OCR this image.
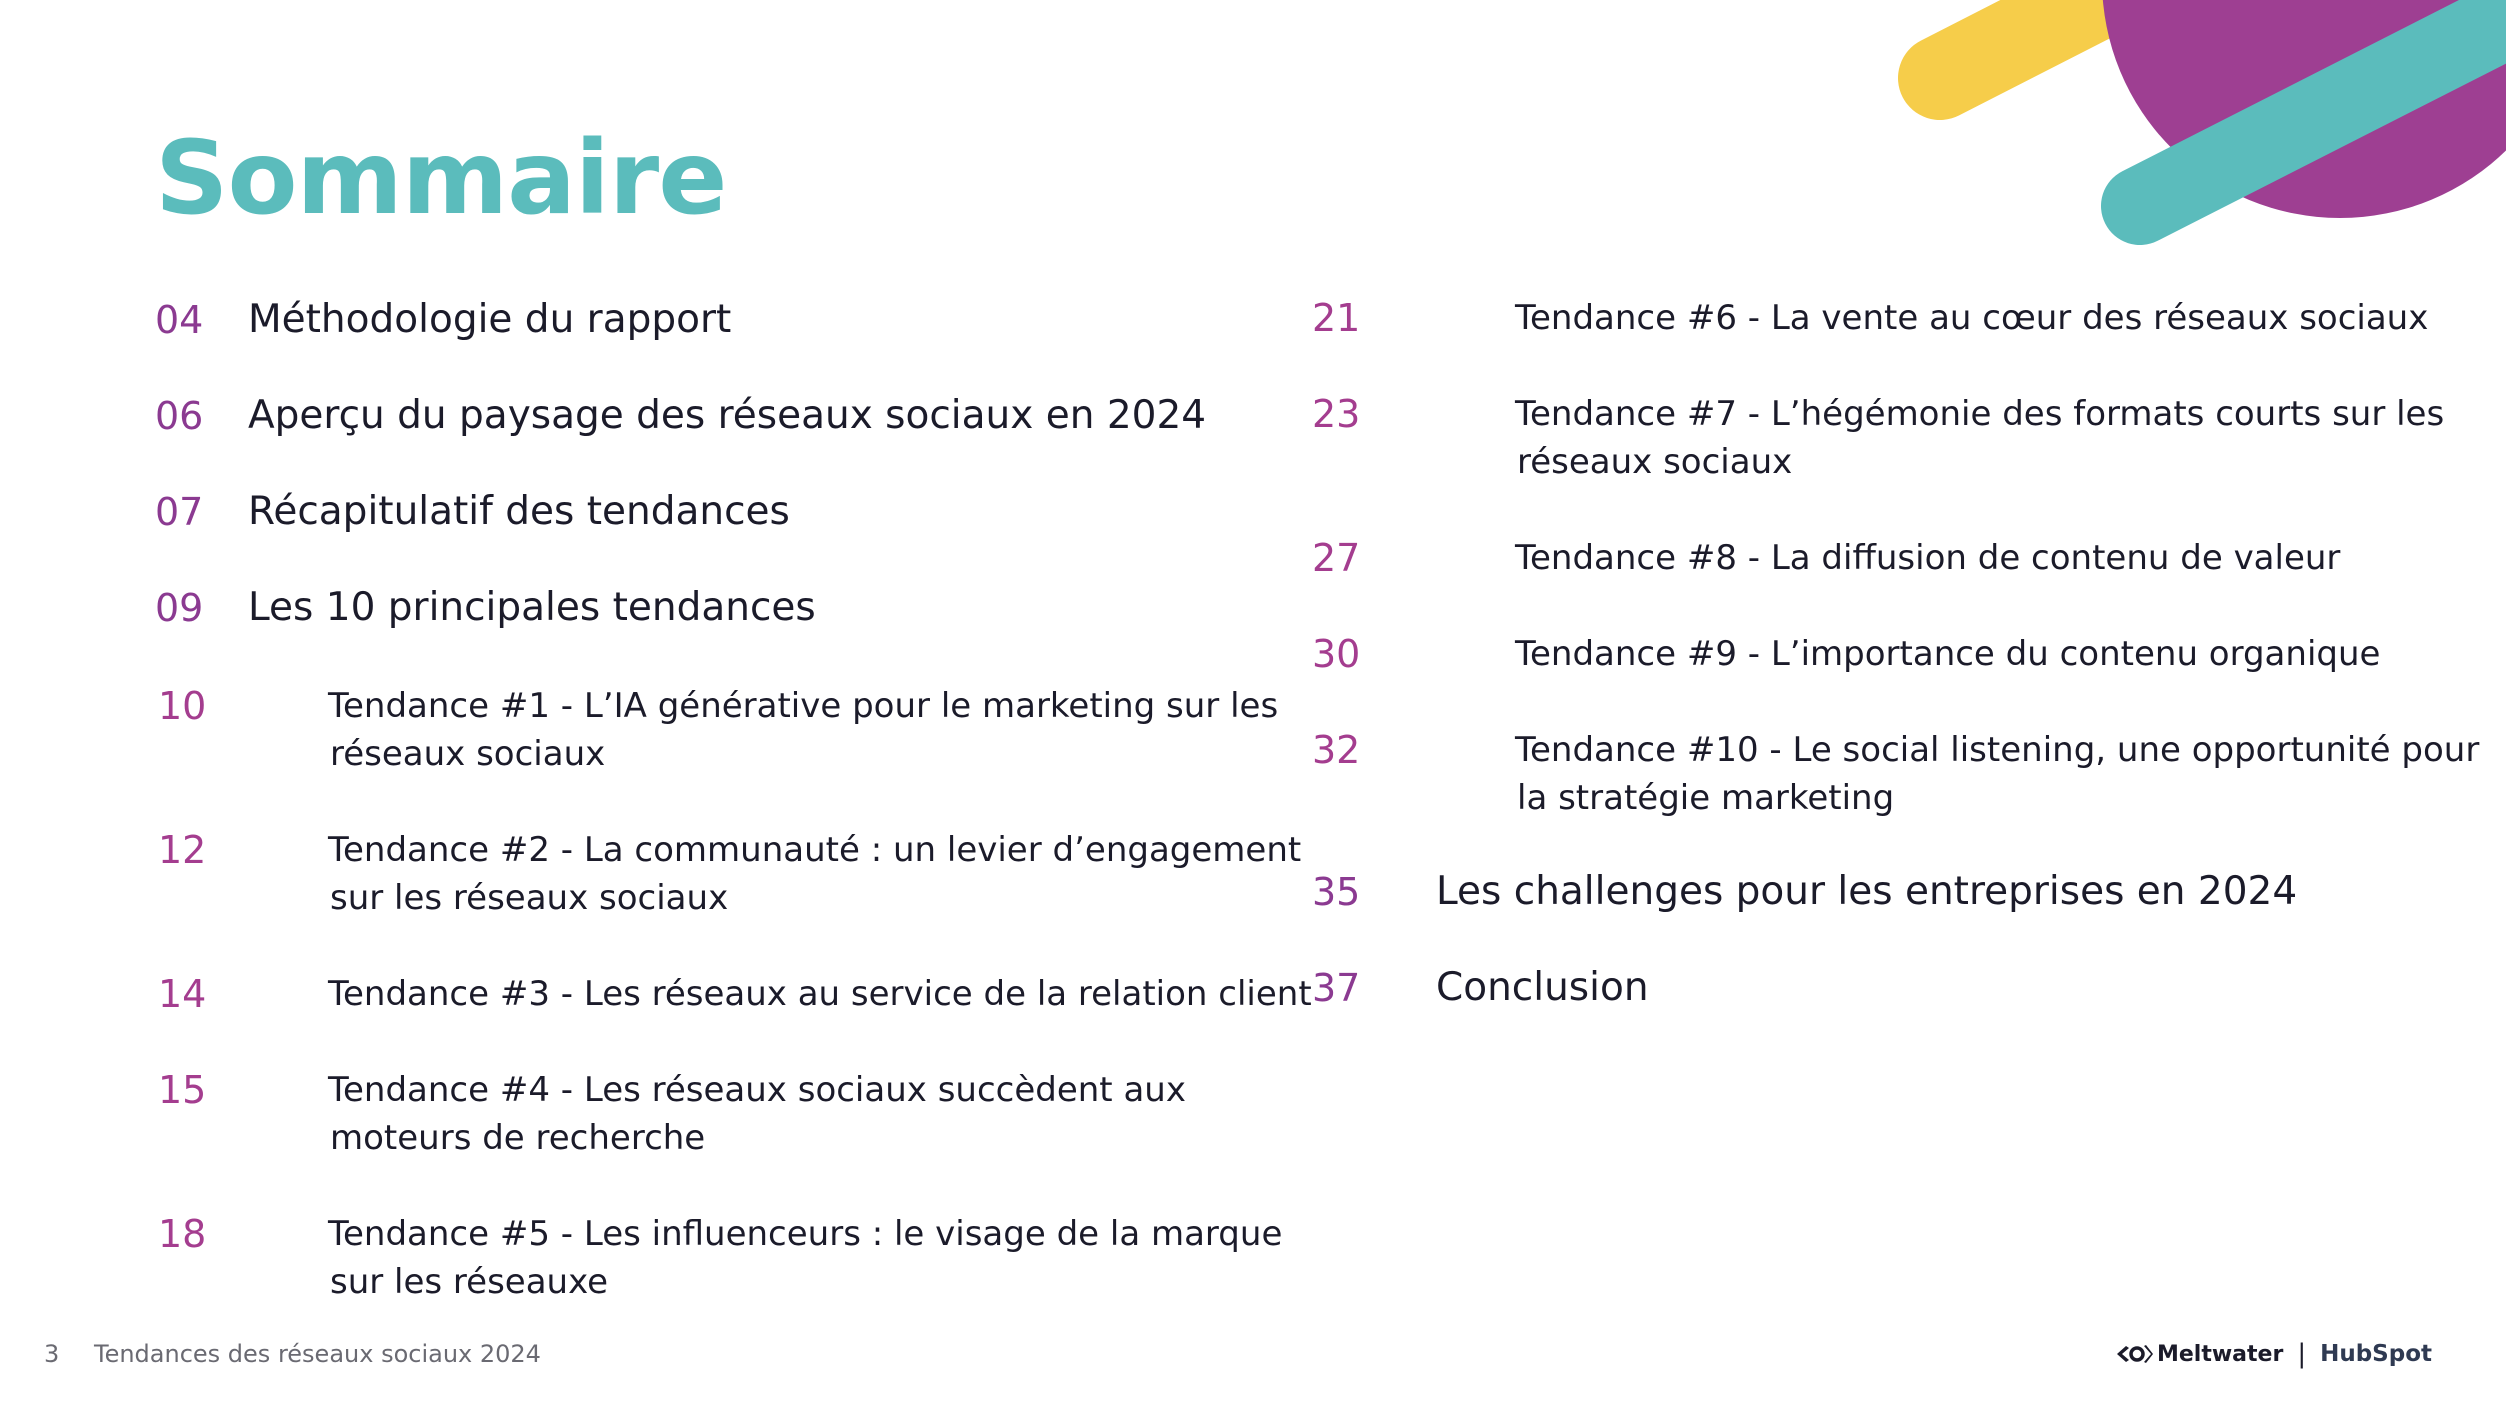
Sommaire
04 Méthodologie du rapport
06 Aperçu du paysage des réseaux sociaux en 2024
07 Récapitulatif des tendances
09 Les 10 principales tendances
10	Tendance #1 - L’IA générative pour le marketing sur les
réseaux sociaux
12	Tendance #2 - La communauté : un levier d’engagement
sur les réseaux sociaux
14	Tendance #3 - Les réseaux au service de la relation client
15	Tendance #4 - Les réseaux sociaux succèdent aux
moteurs de recherche
18	Tendance #5 - Les influenceurs : le visage de la marque
sur les réseauxe
21	Tendance #6 - La vente au cœur des réseaux sociaux
23	Tendance #7 - L’hégémonie des formats courts sur les
réseaux sociaux
27	Tendance #8 - La diffusion de contenu de valeur
30	Tendance #9 - L’importance du contenu organique
32	Tendance #10 - Le social listening, une opportunité pour
la stratégie marketing
35 Les challenges pour les entreprises en 2024
37 Conclusion
3 Tendances des réseaux sociaux 2024	Meltwater | HubSpot
